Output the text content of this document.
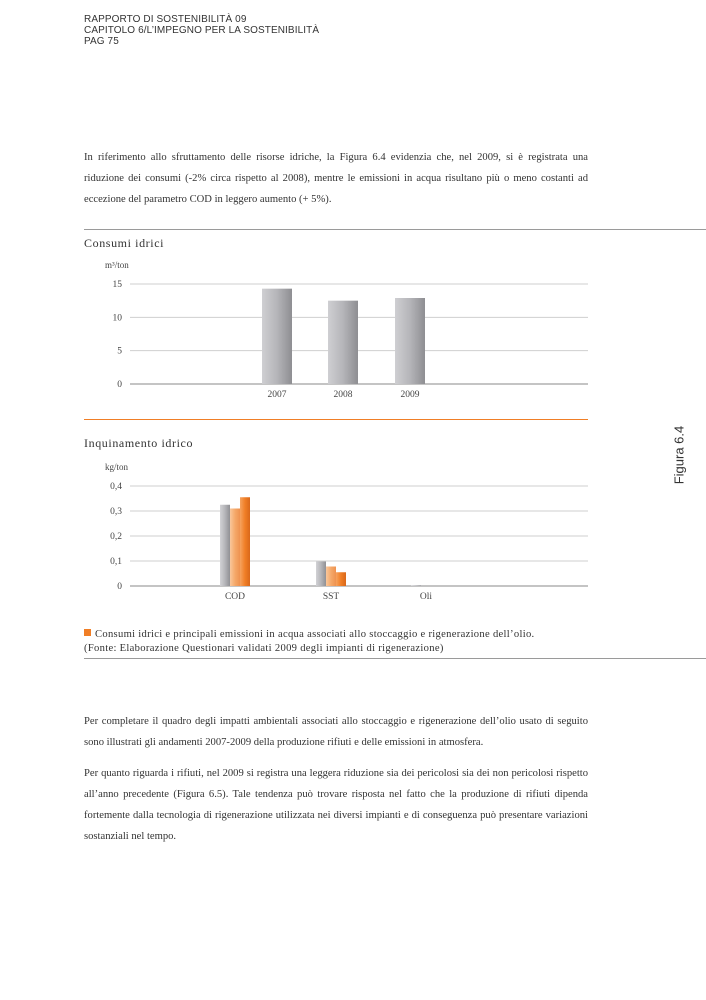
RAPPORTO DI SOSTENIBILITÀ 09
CAPITOLO 6/L’IMPEGNO PER LA SOSTENIBILITÀ
PAG 75

In riferimento allo sfruttamento delle risorse idriche, la Figura 6.4 evidenzia che, nel 2009, si è registrata una riduzione dei consumi (-2% circa rispetto al 2008), mentre le emissioni in acqua risultano più o meno costanti ad eccezione del parametro COD in leggero aumento (+ 5%).

Consumi idrici
m³/ton
0
5
10
15
2007	2008	2009
Inquinamento idrico
kg/ton
0
0,1
0,2
0,3
0,4
COD	SST	Oli
Figura 6.4
Consumi idrici e principali emissioni in acqua associati allo stoccaggio e rigenerazione dell’olio.
(Fonte: Elaborazione Questionari validati 2009 degli impianti di rigenerazione)

Per completare il quadro degli impatti ambientali associati allo stoccaggio e rigenerazione dell’olio usato di seguito sono illustrati gli andamenti 2007-2009 della produzione rifiuti e delle emissioni in atmosfera.

Per quanto riguarda i rifiuti, nel 2009 si registra una leggera riduzione sia dei pericolosi sia dei non pericolosi rispetto all’anno precedente (Figura 6.5). Tale tendenza può trovare risposta nel fatto che la produzione di rifiuti dipenda fortemente dalla tecnologia di rigenerazione utilizzata nei diversi impianti e di conseguenza può presentare variazioni sostanziali nel tempo.
